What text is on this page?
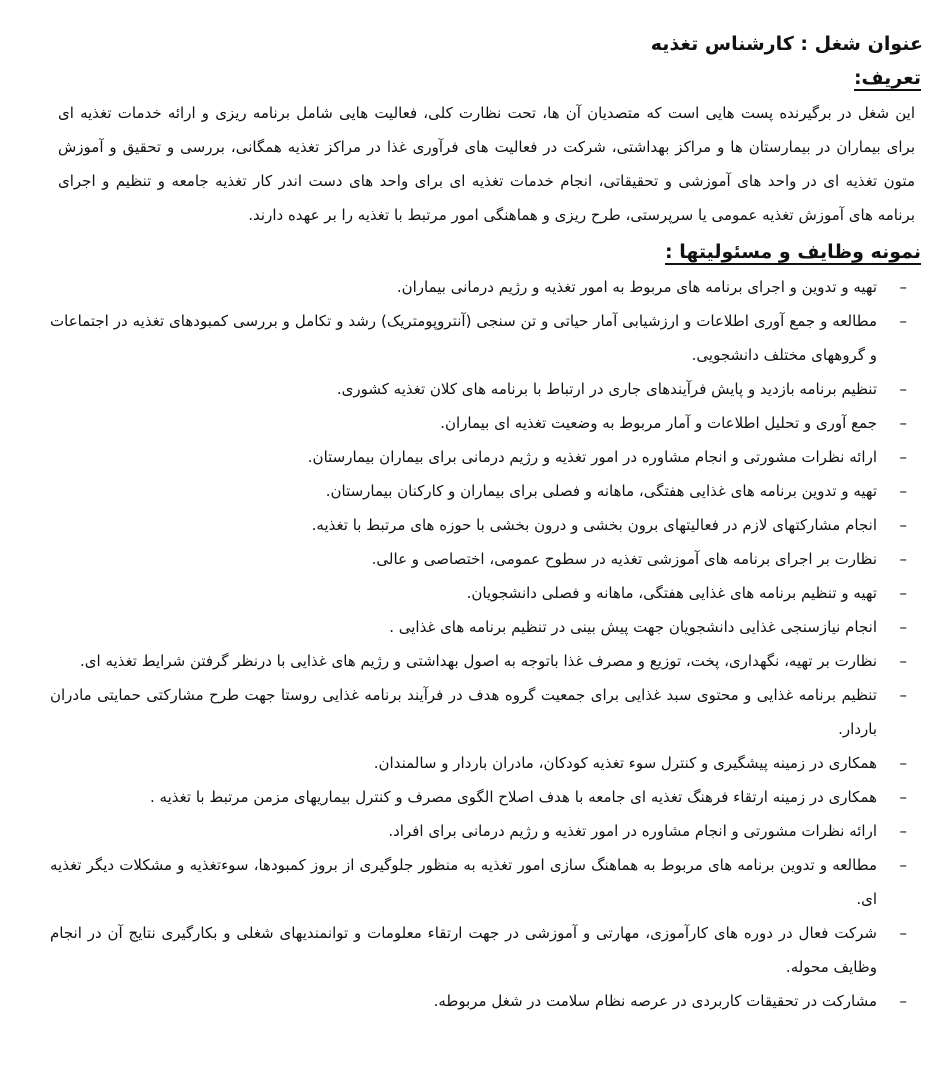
عنوان شغل : کارشناس تغذیه
تعریف:

این شغل در برگیرنده پست هایی است که متصدیان آن ها، تحت نظارت کلی، فعالیت هایی شامل برنامه ریزی و ارائه خدمات تغذیه ای برای بیماران در بیمارستان ها و مراکز بهداشتی، شرکت در فعالیت های فرآوری غذا در مراکز تغذیه همگانی، بررسی و تحقیق و آموزش متون تغذیه ای در واحد های آموزشی و تحقیقاتی، انجام خدمات تغذیه ای برای واحد های دست اندر کار تغذیه جامعه و تنظیم و اجرای برنامه های آموزش تغذیه عمومی یا سرپرستی، طرح ریزی و هماهنگی امور مرتبط با تغذیه را بر عهده دارند.

نمونه وظایف و مسئولیتها :
–
تهیه و تدوین و اجرای برنامه های مربوط به امور تغذیه و رژیم درمانی بیماران.
–
مطالعه و جمع آوری اطلاعات و ارزشیابی آمار حیاتی و تن سنجی (آنتروپومتریک) رشد و تکامل و بررسی کمبودهای تغذیه در اجتماعات و گروههای مختلف دانشجویی.
–
تنظیم برنامه بازدید و پایش فرآیندهای جاری در ارتباط با برنامه های کلان تغذیه کشوری.
–
جمع آوری و تحلیل اطلاعات و آمار مربوط به وضعیت تغذیه ای بیماران.
–
ارائه نظرات مشورتی و انجام مشاوره در امور تغذیه و رژیم درمانی برای بیماران بیمارستان.
–
تهیه و تدوین برنامه های غذایی هفتگی، ماهانه و فصلی برای بیماران و کارکنان بیمارستان.
–
انجام مشارکتهای لازم در فعالیتهای برون بخشی و درون بخشی با حوزه های مرتبط با تغذیه.
–
نظارت بر اجرای برنامه های آموزشی تغذیه در سطوح عمومی، اختصاصی و عالی.
–
تهیه و تنظیم برنامه های غذایی هفتگی، ماهانه و فصلی دانشجویان.
–
انجام نیازسنجی غذایی دانشجویان جهت پیش بینی در تنظیم برنامه های غذایی .
–
نظارت بر تهیه، نگهداری، پخت، توزیع و مصرف غذا باتوجه به اصول بهداشتی و رژیم های غذایی با درنظر گرفتن شرایط تغذیه ای.
–
تنظیم برنامه غذایی و محتوی سبد غذایی برای جمعیت گروه هدف در فرآیند برنامه غذایی روستا جهت طرح مشارکتی حمایتی مادران باردار.
–
همکاری در زمینه پیشگیری و کنترل سوء تغذیه کودکان، مادران باردار و سالمندان.
–
همکاری در زمینه ارتقاء فرهنگ تغذیه ای جامعه با هدف اصلاح الگوی مصرف و کنترل بیماریهای مزمن مرتبط با تغذیه .
–
ارائه نظرات مشورتی و انجام مشاوره در امور تغذیه و رژیم درمانی برای افراد.
–
مطالعه و تدوین برنامه های مربوط به هماهنگ سازی امور تغذیه به منظور جلوگیری از بروز کمبودها، سوءتغذیه و مشکلات دیگر تغذیه ای.
–
شرکت فعال در دوره های کارآموزی، مهارتی و آموزشی در جهت ارتقاء معلومات و توانمندیهای شغلی و بکارگیری نتایج آن در انجام وظایف محوله.
–
مشارکت در تحقیقات کاربردی در عرصه نظام سلامت در شغل مربوطه.
